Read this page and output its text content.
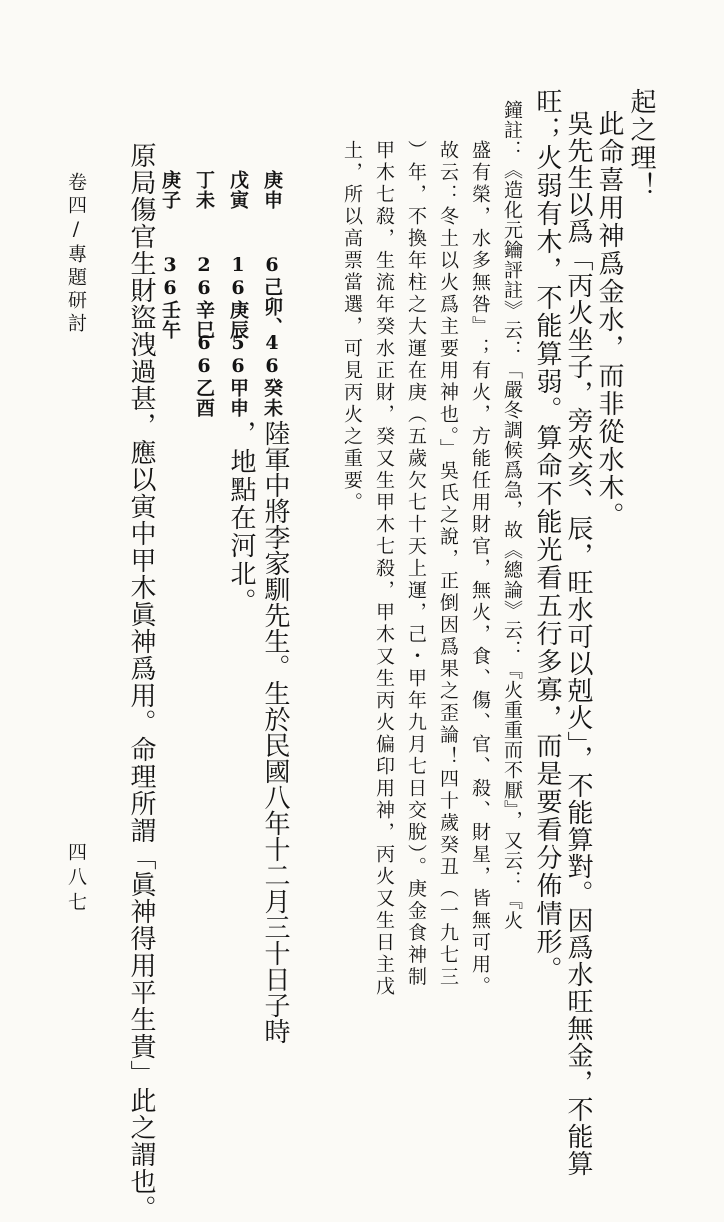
起之理！

此命喜用神爲金水，而非從水木。

吳先生以爲「丙火坐子，旁夾亥、辰，旺水可以剋火」，不能算對。因爲水旺無金，不能算

旺；火弱有木，不能算弱。算命不能光看五行多寡，而是要看分佈情形。

鐘註：《造化元鑰評註》云：「嚴冬調候爲急，故《總論》云：『火重重而不厭』，又云：『火

盛有榮，水多無咎』；有火，方能任用財官，無火，食、傷、官、殺、財星，皆無可用。

故云：冬土以火爲主要用神也。」吳氏之說，正倒因爲果之歪論！四十歲癸丑（一九七三

）年，不換年柱之大運在庚（五歲欠七十天上運，己・甲年九月七日交脫）。庚金食神制

甲木七殺，生流年癸水正財，癸又生甲木七殺，甲木又生丙火偏印用神，丙火又生日主戊

土，所以高票當選，可見丙火之重要。

陸軍中將李家馴先生。生於民國八年十二月三十日子時

，地點在河北。

庚申

戊寅

丁未

庚子

6己卯、

16庚辰

26辛巳

36壬午

46癸未

56甲申

66乙酉

原局傷官生財盜洩過甚，應以寅中甲木眞神爲用。命理所謂「眞神得用平生貴」此之謂也。

卷四/專題研討

四八七
